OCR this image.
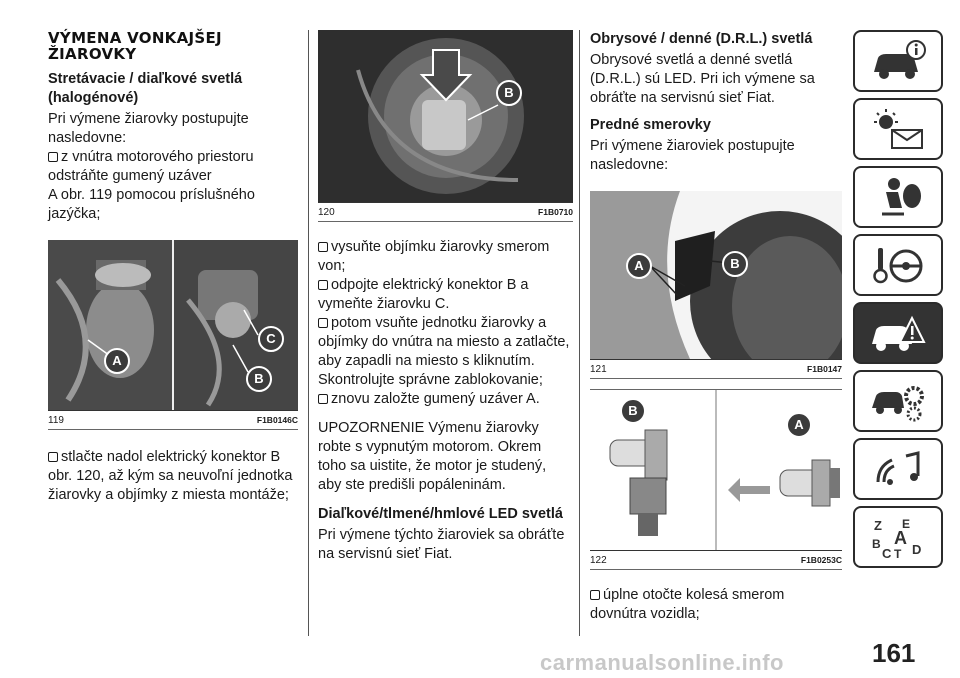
VÝMENA VONKAJŠEJ
ŽIAROVKY
Stretávacie / diaľkové svetlá (halogénové)

Pri výmene žiarovky postupujte nasledovne:

z vnútra motorového priestoru odstráňte gumený uzáver

A obr. 119 pomocou príslušného jazýčka;

A
C
B
119	F1B0146C

stlačte nadol elektrický konektor B obr. 120, až kým sa neuvoľní jednotka žiarovky a objímky z miesta montáže;

B
120	F1B0710

vysuňte objímku žiarovky smerom von;

odpojte elektrický konektor B a vymeňte žiarovku C.

potom vsuňte jednotku žiarovky a objímky do vnútra na miesto a zatlačte, aby zapadli na miesto s kliknutím. Skontrolujte správne zablokovanie;

znovu založte gumený uzáver A.

UPOZORNENIE Výmenu žiarovky robte s vypnutým motorom. Okrem toho sa uistite, že motor je studený, aby ste predišli popáleninám.

Diaľkové/tlmené/hmlové LED svetlá

Pri výmene týchto žiaroviek sa obráťte na servisnú sieť Fiat.

Obrysové / denné (D.R.L.) svetlá

Obrysové svetlá a denné svetlá (D.R.L.) sú LED. Pri ich výmene sa obráťte na servisnú sieť Fiat.

Predné smerovky

Pri výmene žiaroviek postupujte nasledovne:

A	B
121	F1B0147
B
A
122	F1B0253C

úplne otočte kolesá smerom dovnútra vozidla;

Z E
A
B
C T D
161
carmanualsonline.info
